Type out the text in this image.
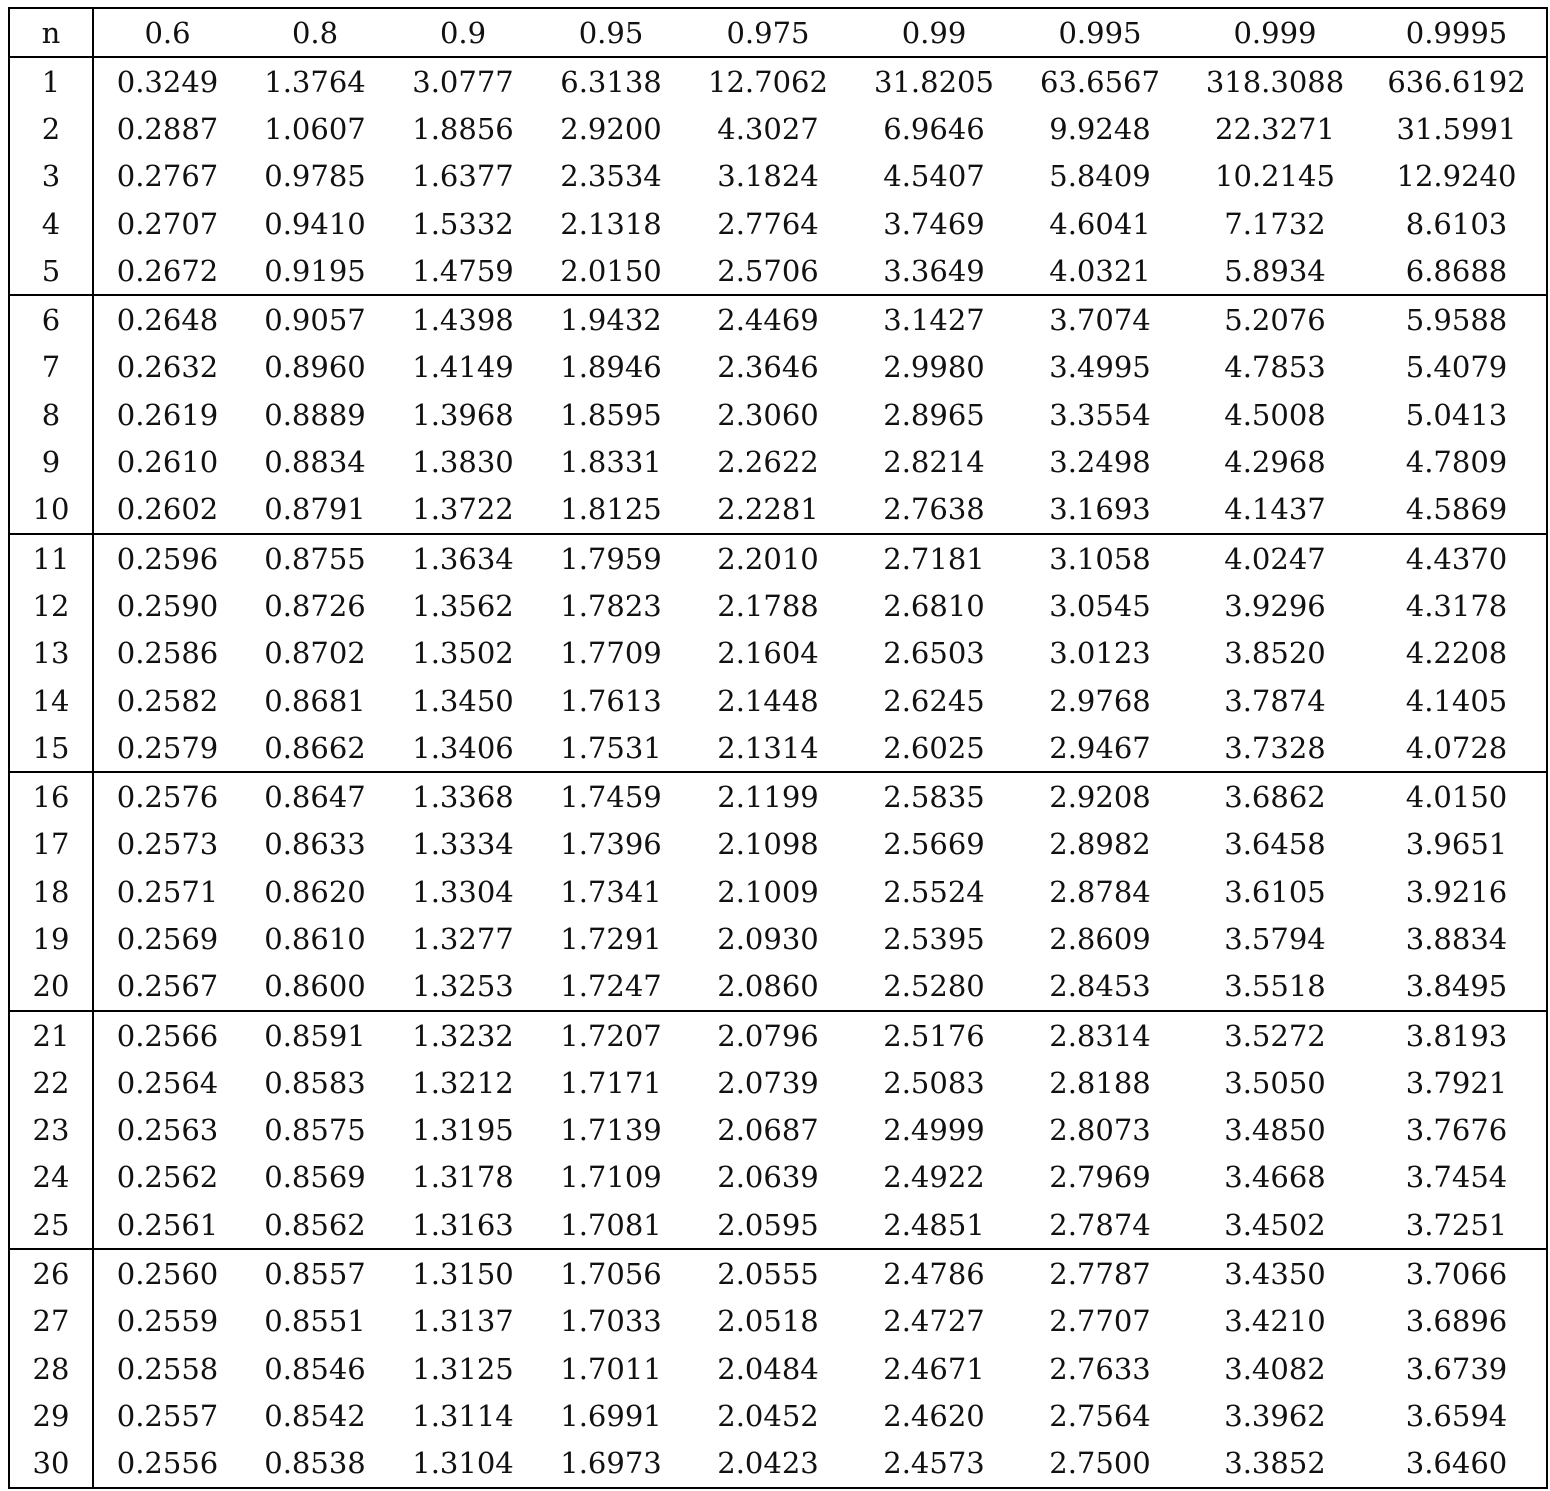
n	0.6	0.8	0.9	0.95	0.975	0.99	0.995	0.999	0.9995
1	0.3249	1.3764	3.0777	6.3138	12.7062	31.8205	63.6567	318.3088	636.6192
2	0.2887	1.0607	1.8856	2.9200	4.3027	6.9646	9.9248	22.3271	31.5991
3	0.2767	0.9785	1.6377	2.3534	3.1824	4.5407	5.8409	10.2145	12.9240
4	0.2707	0.9410	1.5332	2.1318	2.7764	3.7469	4.6041	7.1732	8.6103
5	0.2672	0.9195	1.4759	2.0150	2.5706	3.3649	4.0321	5.8934	6.8688
6	0.2648	0.9057	1.4398	1.9432	2.4469	3.1427	3.7074	5.2076	5.9588
7	0.2632	0.8960	1.4149	1.8946	2.3646	2.9980	3.4995	4.7853	5.4079
8	0.2619	0.8889	1.3968	1.8595	2.3060	2.8965	3.3554	4.5008	5.0413
9	0.2610	0.8834	1.3830	1.8331	2.2622	2.8214	3.2498	4.2968	4.7809
10	0.2602	0.8791	1.3722	1.8125	2.2281	2.7638	3.1693	4.1437	4.5869
11	0.2596	0.8755	1.3634	1.7959	2.2010	2.7181	3.1058	4.0247	4.4370
12	0.2590	0.8726	1.3562	1.7823	2.1788	2.6810	3.0545	3.9296	4.3178
13	0.2586	0.8702	1.3502	1.7709	2.1604	2.6503	3.0123	3.8520	4.2208
14	0.2582	0.8681	1.3450	1.7613	2.1448	2.6245	2.9768	3.7874	4.1405
15	0.2579	0.8662	1.3406	1.7531	2.1314	2.6025	2.9467	3.7328	4.0728
16	0.2576	0.8647	1.3368	1.7459	2.1199	2.5835	2.9208	3.6862	4.0150
17	0.2573	0.8633	1.3334	1.7396	2.1098	2.5669	2.8982	3.6458	3.9651
18	0.2571	0.8620	1.3304	1.7341	2.1009	2.5524	2.8784	3.6105	3.9216
19	0.2569	0.8610	1.3277	1.7291	2.0930	2.5395	2.8609	3.5794	3.8834
20	0.2567	0.8600	1.3253	1.7247	2.0860	2.5280	2.8453	3.5518	3.8495
21	0.2566	0.8591	1.3232	1.7207	2.0796	2.5176	2.8314	3.5272	3.8193
22	0.2564	0.8583	1.3212	1.7171	2.0739	2.5083	2.8188	3.5050	3.7921
23	0.2563	0.8575	1.3195	1.7139	2.0687	2.4999	2.8073	3.4850	3.7676
24	0.2562	0.8569	1.3178	1.7109	2.0639	2.4922	2.7969	3.4668	3.7454
25	0.2561	0.8562	1.3163	1.7081	2.0595	2.4851	2.7874	3.4502	3.7251
26	0.2560	0.8557	1.3150	1.7056	2.0555	2.4786	2.7787	3.4350	3.7066
27	0.2559	0.8551	1.3137	1.7033	2.0518	2.4727	2.7707	3.4210	3.6896
28	0.2558	0.8546	1.3125	1.7011	2.0484	2.4671	2.7633	3.4082	3.6739
29	0.2557	0.8542	1.3114	1.6991	2.0452	2.4620	2.7564	3.3962	3.6594
30	0.2556	0.8538	1.3104	1.6973	2.0423	2.4573	2.7500	3.3852	3.6460
